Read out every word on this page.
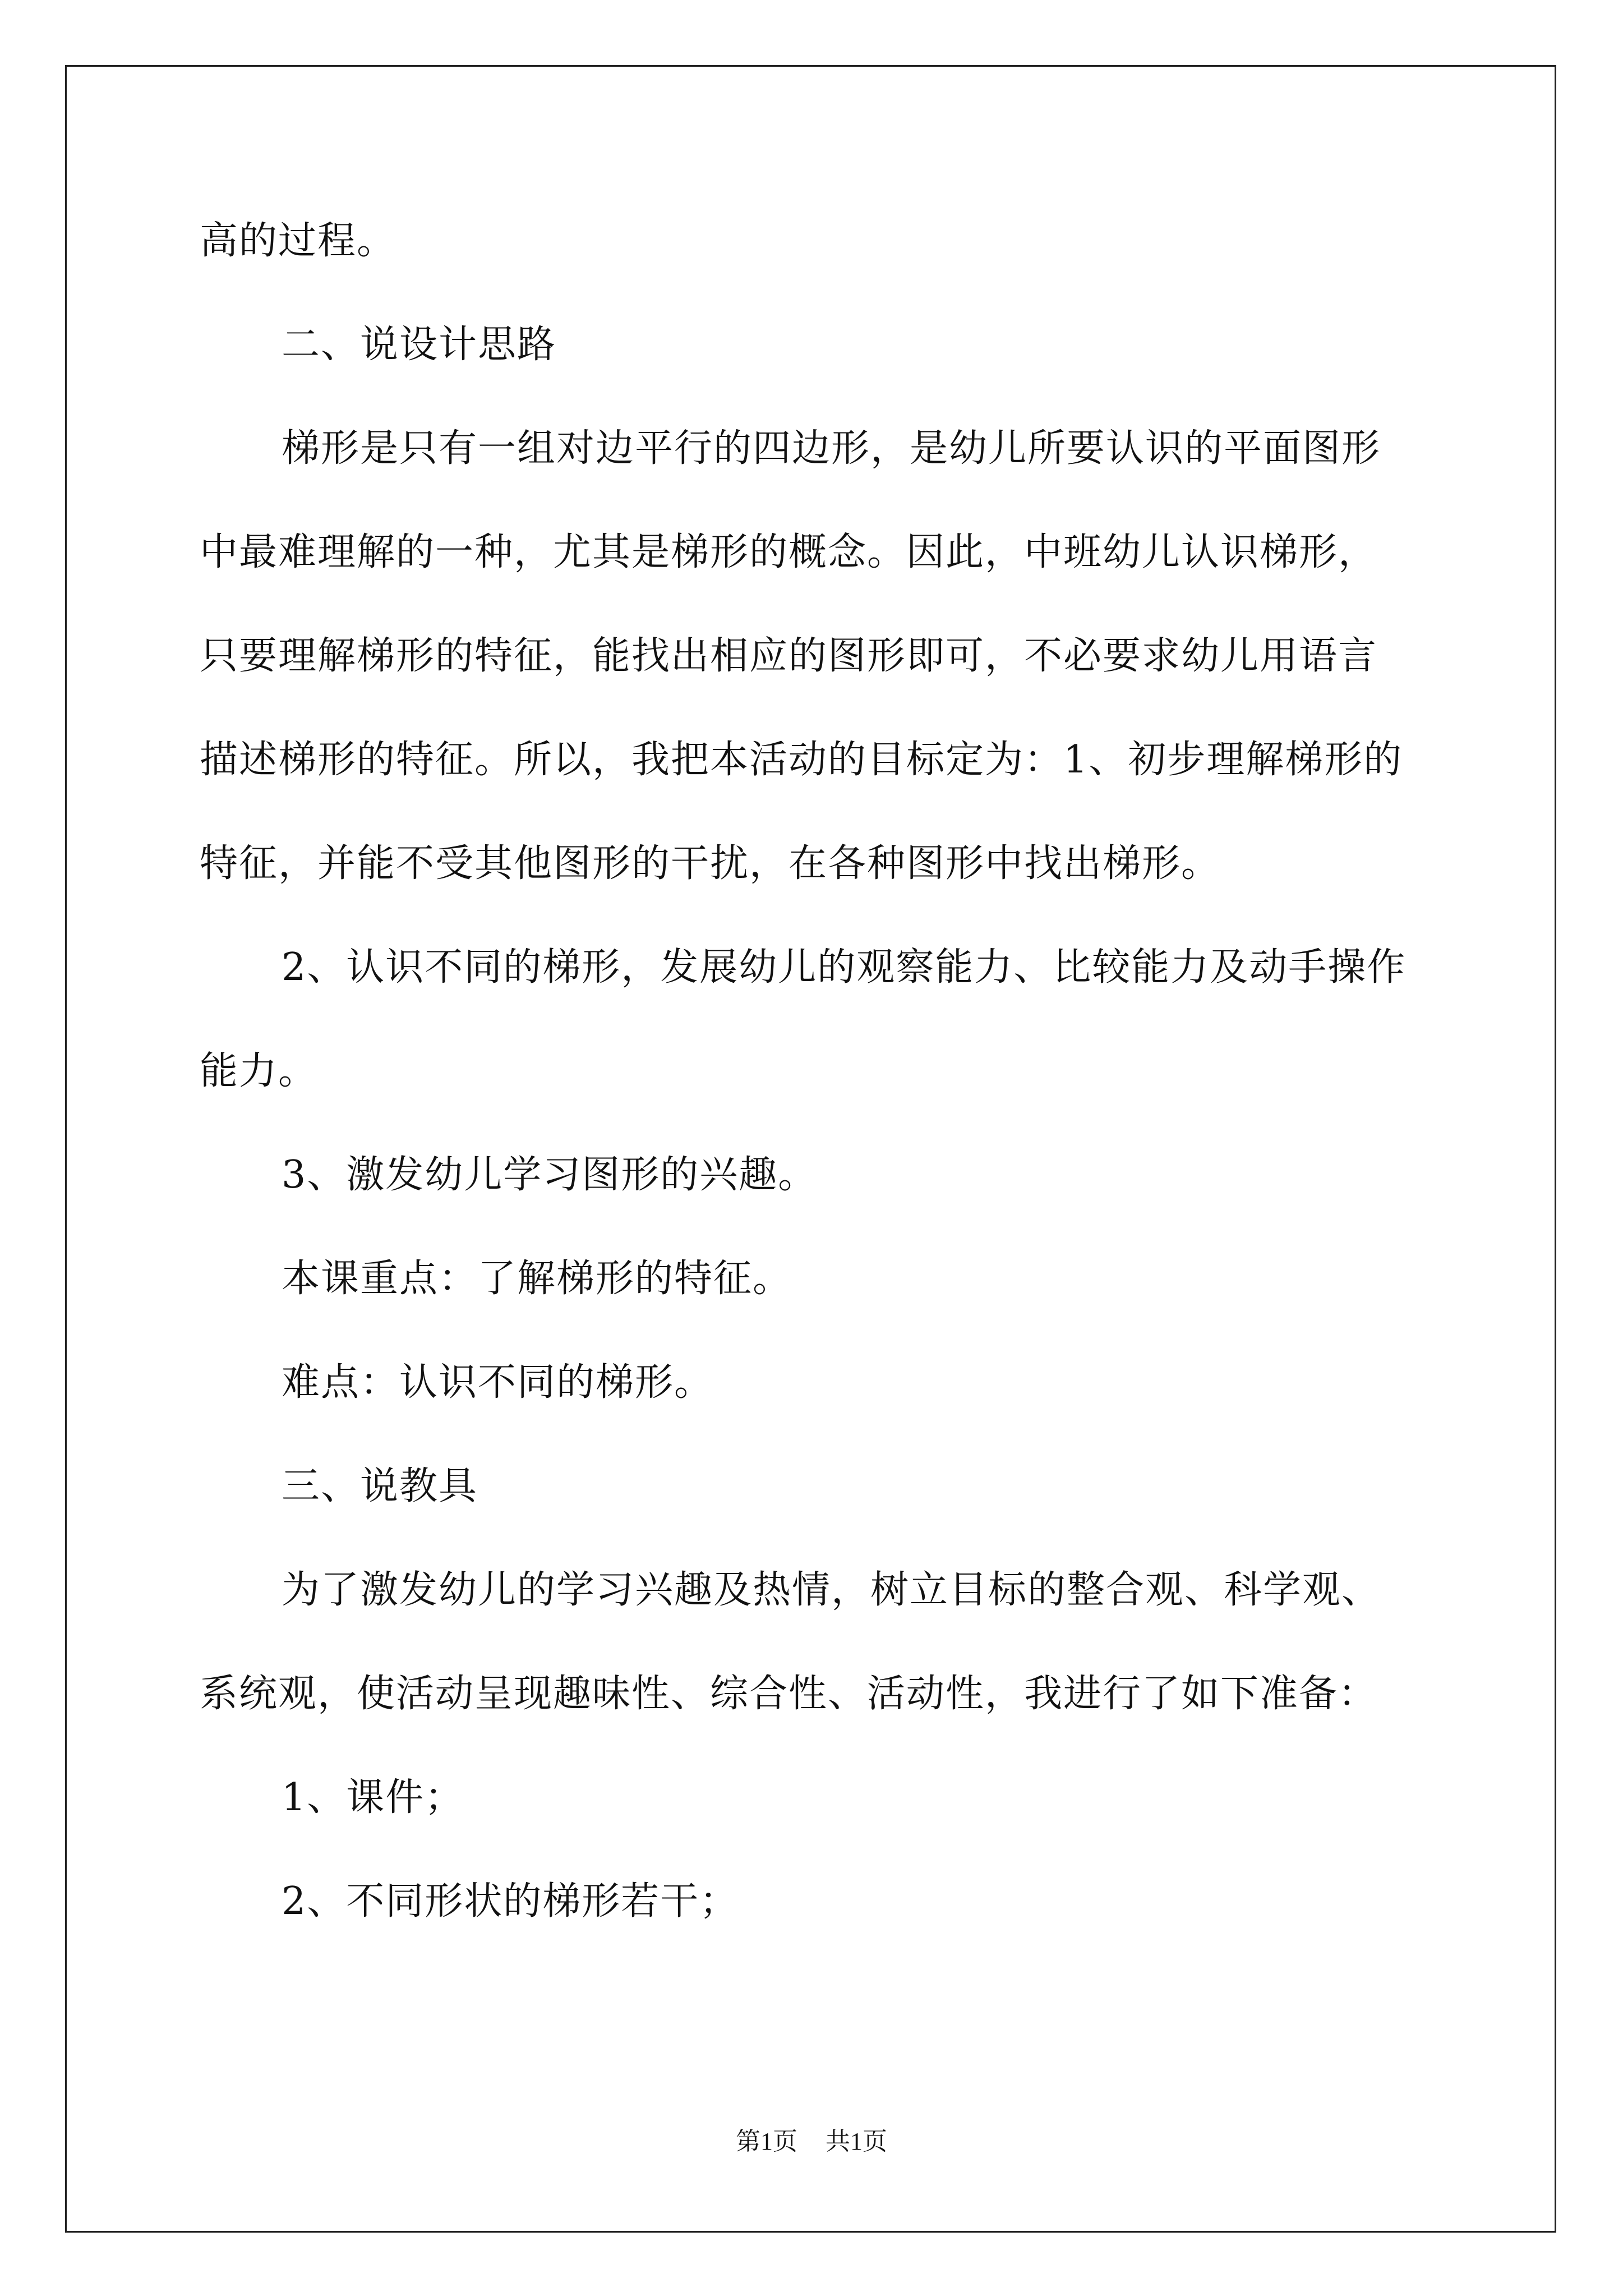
高的过程。
二、说设计思路
梯形是只有一组对边平行的四边形，是幼儿所要认识的平面图形
中最难理解的一种，尤其是梯形的概念。因此，中班幼儿认识梯形，
只要理解梯形的特征，能找出相应的图形即可，不必要求幼儿用语言
描述梯形的特征。所以，我把本活动的目标定为：1、初步理解梯形的
特征，并能不受其他图形的干扰，在各种图形中找出梯形。
2、认识不同的梯形，发展幼儿的观察能力、比较能力及动手操作
能力。
3、激发幼儿学习图形的兴趣。
本课重点：了解梯形的特征。
难点：认识不同的梯形。
三、说教具
为了激发幼儿的学习兴趣及热情，树立目标的整合观、科学观、
系统观，使活动呈现趣味性、综合性、活动性，我进行了如下准备：
1、课件；
2、不同形状的梯形若干；
第1页 共1页
